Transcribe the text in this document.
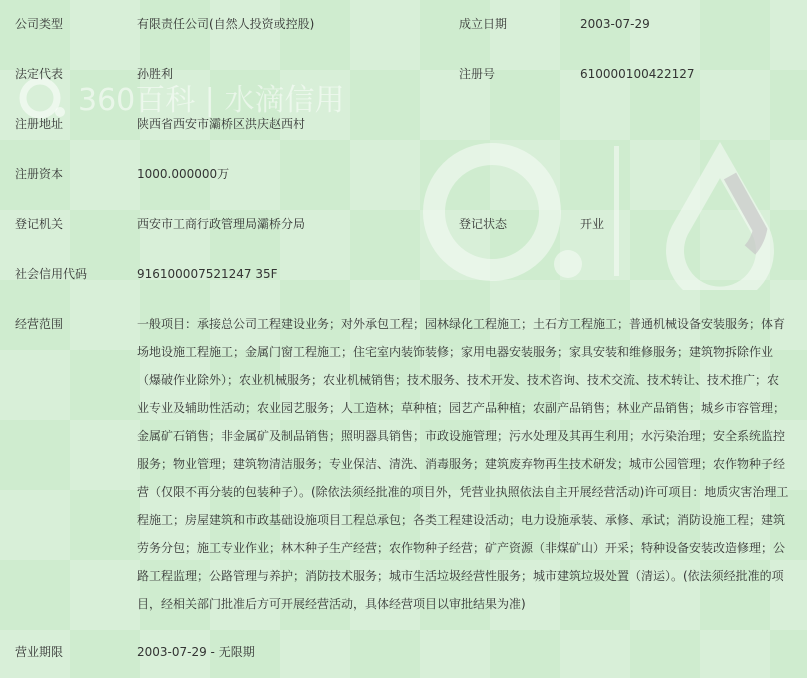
360百科 | 水滴信用
公司类型	有限责任公司(自然人投资或控股)	成立日期	2003-07-29
法定代表	孙胜利	注册号	610000100422127
注册地址	陕西省西安市灞桥区洪庆赵西村
注册资本	1000.000000万
登记机关	西安市工商行政管理局灞桥分局	登记状态	开业
社会信用代码	916100007521247 35F
经营范围	一般项目：承接总公司工程建设业务；对外承包工程；园林绿化工程施工；土石方工程施工；普通机械设备安装服务；体育场地设施工程施工；金属门窗工程施工；住宅室内装饰装修；家用电器安装服务；家具安装和维修服务；建筑物拆除作业（爆破作业除外）；农业机械服务；农业机械销售；技术服务、技术开发、技术咨询、技术交流、技术转让、技术推广；农业专业及辅助性活动；农业园艺服务；人工造林；草种植；园艺产品种植；农副产品销售；林业产品销售；城乡市容管理；金属矿石销售；非金属矿及制品销售；照明器具销售；市政设施管理；污水处理及其再生利用；水污染治理；安全系统监控服务；物业管理；建筑物清洁服务；专业保洁、清洗、消毒服务；建筑废弃物再生技术研发；城市公园管理；农作物种子经营（仅限不再分装的包装种子）。(除依法须经批准的项目外，凭营业执照依法自主开展经营活动)许可项目：地质灾害治理工程施工；房屋建筑和市政基础设施项目工程总承包；各类工程建设活动；电力设施承装、承修、承试；消防设施工程；建筑劳务分包；施工专业作业；林木种子生产经营；农作物种子经营；矿产资源（非煤矿山）开采；特种设备安装改造修理；公路工程监理；公路管理与养护；消防技术服务；城市生活垃圾经营性服务；城市建筑垃圾处置（清运）。(依法须经批准的项目，经相关部门批准后方可开展经营活动，具体经营项目以审批结果为准)
营业期限	2003-07-29 - 无限期
